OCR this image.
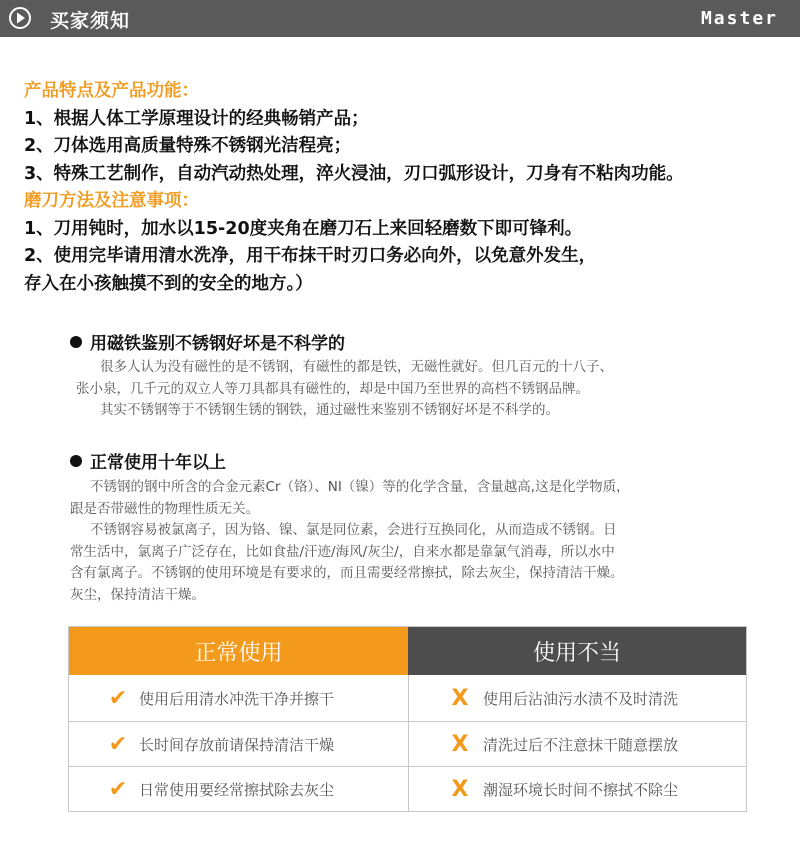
买家须知	Master
产品特点及产品功能：
1、根据人体工学原理设计的经典畅销产品；
2、刀体选用高质量特殊不锈钢光洁程亮；
3、特殊工艺制作，自动汽动热处理，淬火浸油，刃口弧形设计，刀身有不粘肉功能。
磨刀方法及注意事项：
1、刀用钝时，加水以15-20度夹角在磨刀石上来回轻磨数下即可锋利。
2、使用完毕请用清水洗净，用干布抹干时刃口务必向外，以免意外发生，
存入在小孩触摸不到的安全的地方。）
用磁铁鉴别不锈钢好坏是不科学的
很多人认为没有磁性的是不锈钢，有磁性的都是铁，无磁性就好。但几百元的十八子、
张小泉，几千元的双立人等刀具都具有磁性的，却是中国乃至世界的高档不锈钢品牌。
其实不锈钢等于不锈钢生锈的钢铁，通过磁性来鉴别不锈钢好坏是不科学的。
正常使用十年以上
不锈钢的钢中所含的合金元素Cr（铬）、NI（镍）等的化学含量，含量越高,这是化学物质，
跟是否带磁性的物理性质无关。
不锈钢容易被氯离子，因为铬、镍、氯是同位素，会进行互换同化，从而造成不锈钢。日
常生活中，氯离子广泛存在，比如食盐/汗迹/海风/灰尘/，自来水都是靠氯气消毒，所以水中
含有氯离子。不锈钢的使用环境是有要求的，而且需要经常擦拭，除去灰尘，保持清洁干燥。
灰尘，保持清洁干燥。
正常使用	使用不当
✔ 使用后用清水冲洗干净并擦干
✔ 长时间存放前请保持清洁干燥
✔ 日常使用要经常擦拭除去灰尘
X 使用后沾油污水渍不及时清洗
X 清洗过后不注意抹干随意摆放
X 潮湿环境长时间不擦拭不除尘
